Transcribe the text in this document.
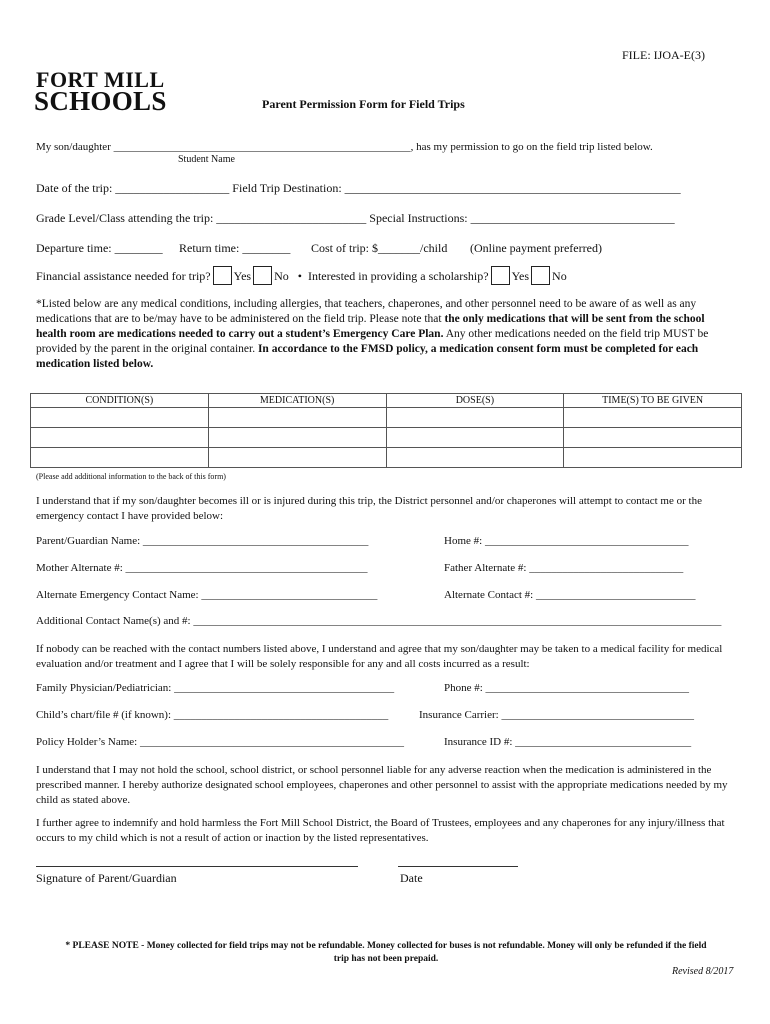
FILE: IJOA-E(3)
FORT MILL
SCHOOLS	Parent Permission Form for Field Trips
My son/daughter ______________________________________________________, has my permission to go on the field trip listed below.
Student Name
Date of the trip: ___________________ Field Trip Destination: ________________________________________________________
Grade Level/Class attending the trip: _________________________ Special Instructions: __________________________________
Departure time: ________ Return time: ________ Cost of trip: $_______/child (Online payment preferred)
Financial assistance needed for trip? Yes No • Interested in providing a scholarship? Yes No
*Listed below are any medical conditions, including allergies, that teachers, chaperones, and other personnel need to be aware of as well as any medications that are to be/may have to be administered on the field trip. Please note that the only medications that will be sent from the school health room are medications needed to carry out a student’s Emergency Care Plan. Any other medications needed on the field trip MUST be provided by the parent in the original container. In accordance to the FMSD policy, a medication consent form must be completed for each medication listed below.
CONDITION(S)	MEDICATION(S)	DOSE(S)	TIME(S) TO BE GIVEN

(Please add additional information to the back of this form)
I understand that if my son/daughter becomes ill or is injured during this trip, the District personnel and/or chaperones will attempt to contact me or the emergency contact I have provided below:
Parent/Guardian Name: _________________________________________	Home #: _____________________________________
Mother Alternate #: ____________________________________________	Father Alternate #: ____________________________
Alternate Emergency Contact Name: ________________________________	Alternate Contact #: _____________________________
Additional Contact Name(s) and #: ________________________________________________________________________________________________
If nobody can be reached with the contact numbers listed above, I understand and agree that my son/daughter may be taken to a medical facility for medical evaluation and/or treatment and I agree that I will be solely responsible for any and all costs incurred as a result:
Family Physician/Pediatrician: ________________________________________	Phone #: _____________________________________
Child’s chart/file # (if known): _______________________________________	Insurance Carrier: ___________________________________
Policy Holder’s Name: ________________________________________________	Insurance ID #: ________________________________
I understand that I may not hold the school, school district, or school personnel liable for any adverse reaction when the medication is administered in the prescribed manner. I hereby authorize designated school employees, chaperones and other personnel to assist with the appropriate medications needed by my child as stated above.
I further agree to indemnify and hold harmless the Fort Mill School District, the Board of Trustees, employees and any chaperones for any injury/illness that occurs to my child which is not a result of action or inaction by the listed representatives.
Signature of Parent/Guardian	Date
* PLEASE NOTE - Money collected for field trips may not be refundable. Money collected for buses is not refundable. Money will only be refunded if the field
trip has not been prepaid.
Revised 8/2017
